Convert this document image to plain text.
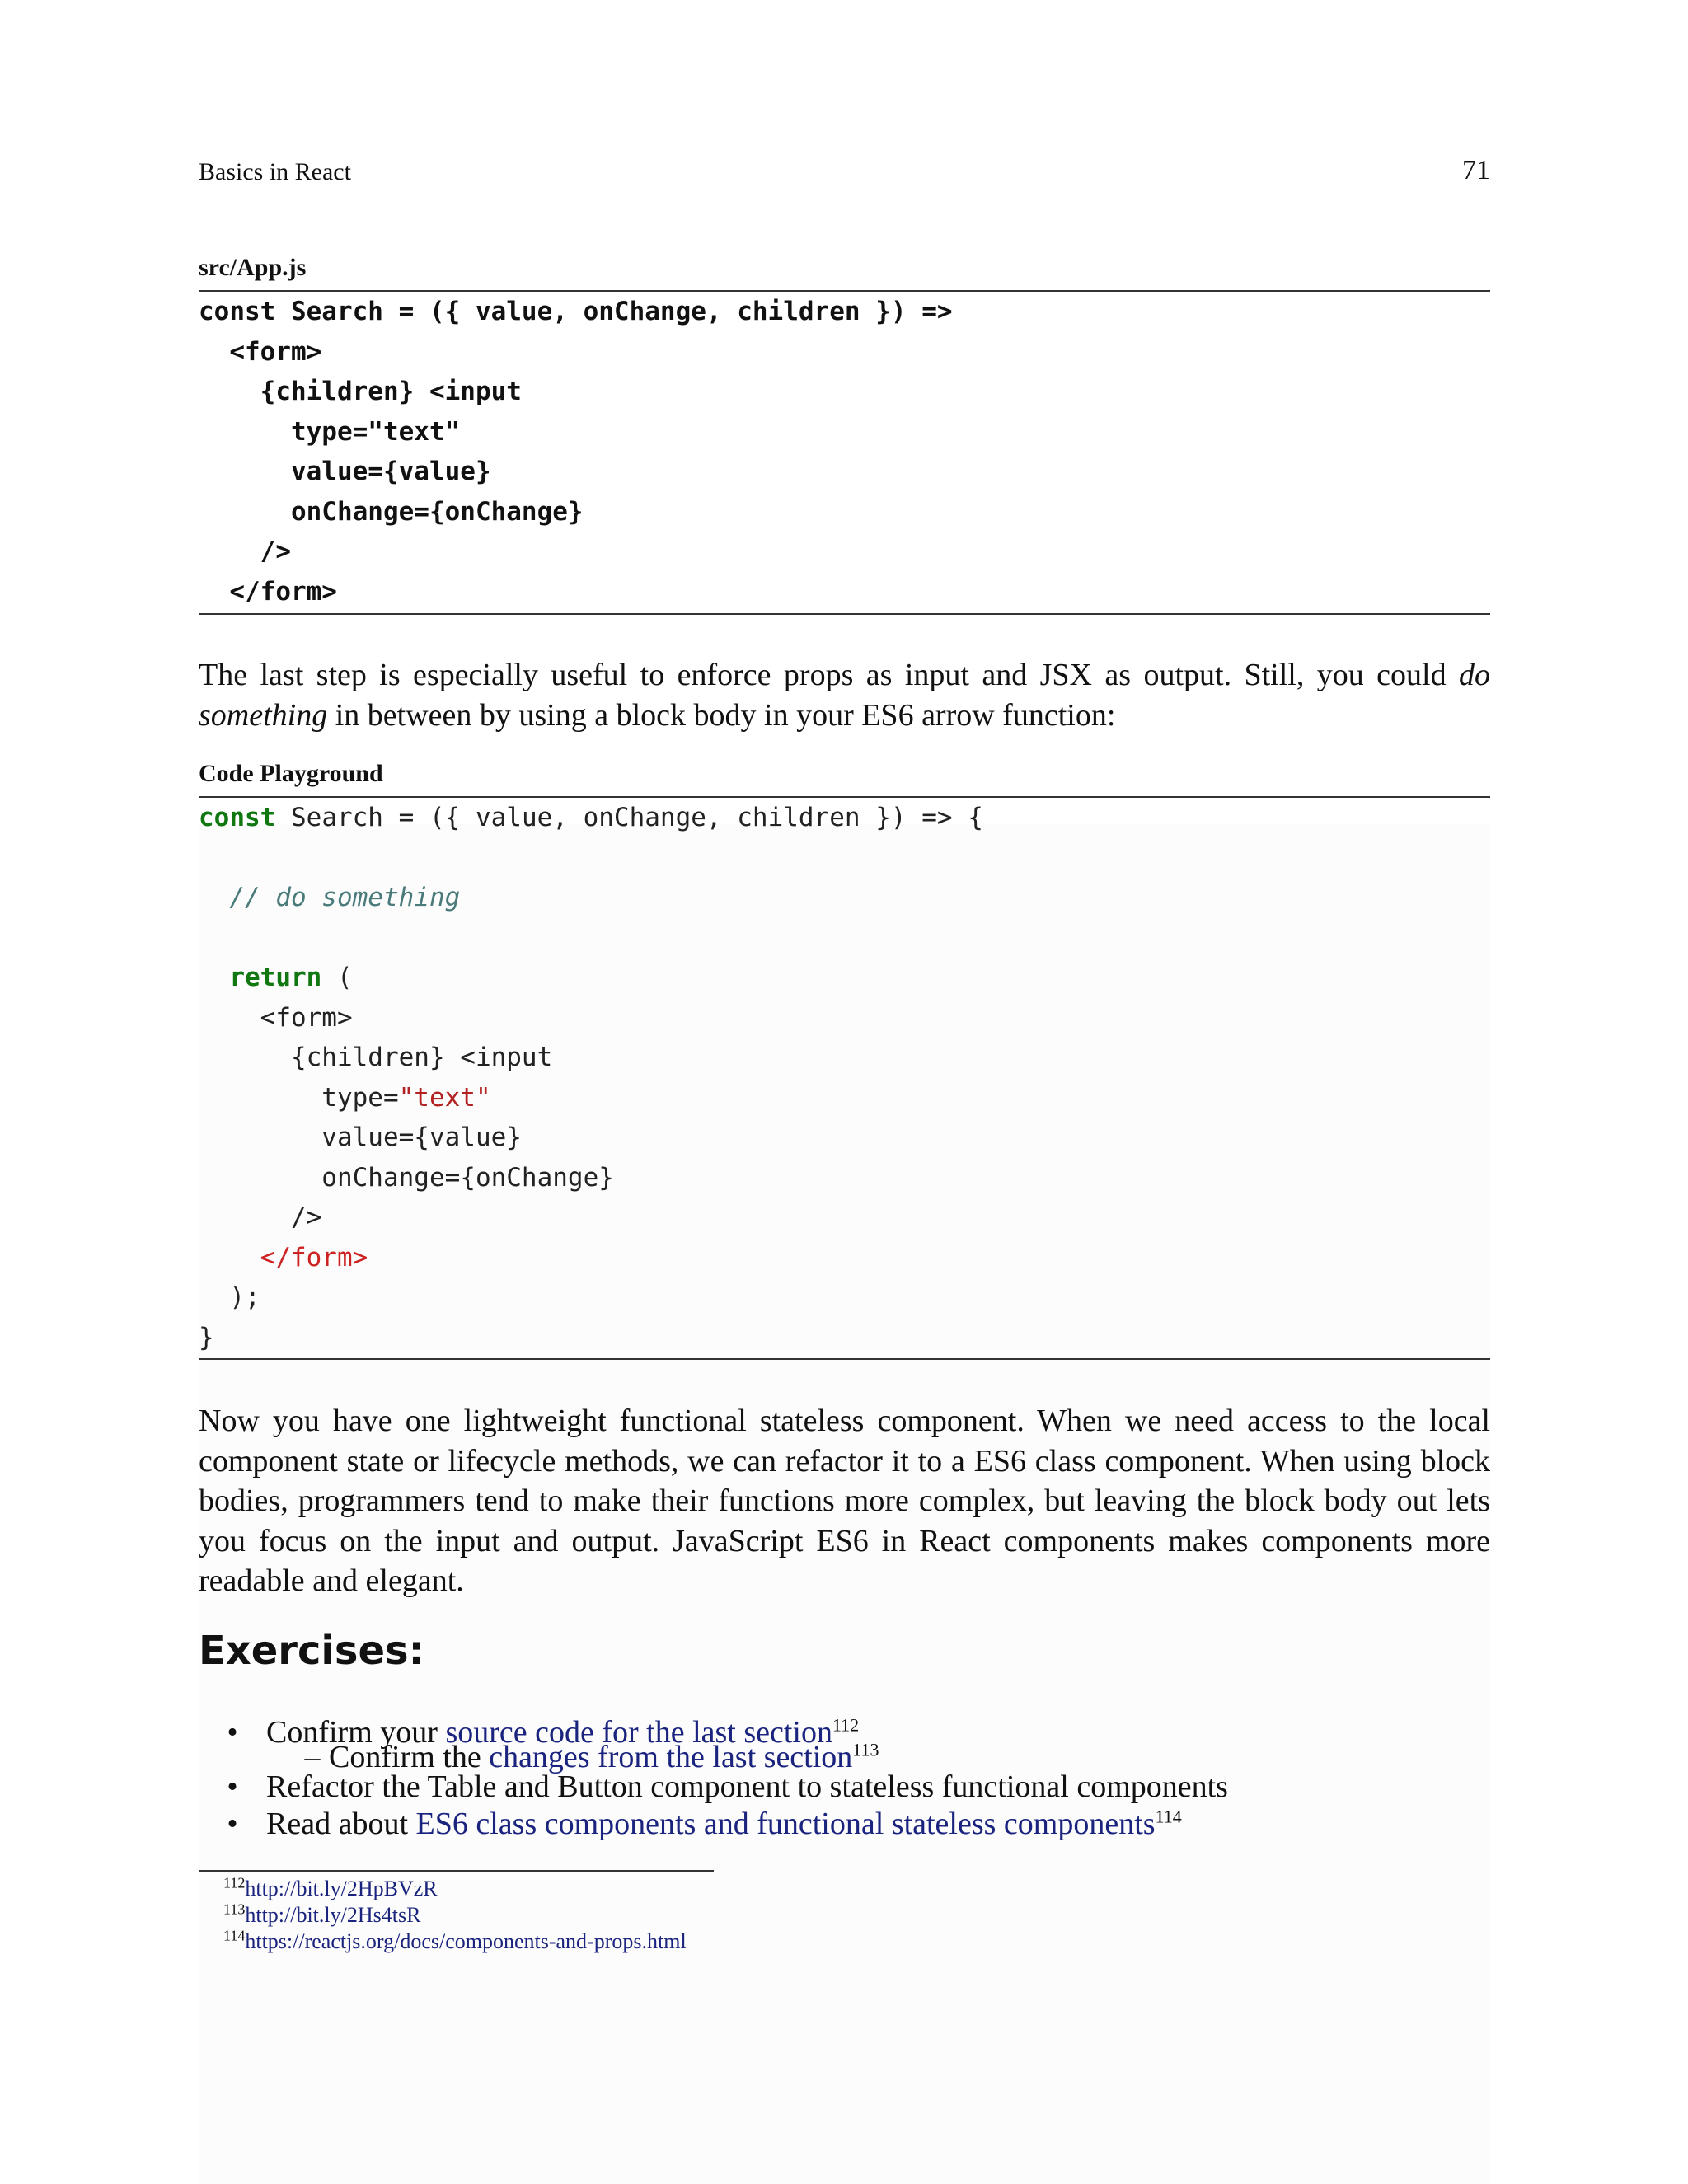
Basics in React	71
src/App.js
const Search = ({ value, onChange, children }) =>
<form>
{children} <input
type="text"
value={value}
onChange={onChange}
/>
</form>
The last step is especially useful to enforce props as input and JSX as output. Still, you could do something in between by using a block body in your ES6 arrow function:
Code Playground
const Search = ({ value, onChange, children }) => {
// do something
return (
<form>
{children} <input
type="text"
value={value}
onChange={onChange}
/>
</form>
);
}
Now you have one lightweight functional stateless component. When we need access to the local component state or lifecycle methods, we can refactor it to a ES6 class component. When using block bodies, programmers tend to make their functions more complex, but leaving the block body out lets you focus on the input and output. JavaScript ES6 in React components makes components more readable and elegant.
Exercises:
• Confirm your source code for the last section$^{112}$
– Confirm the changes from the last section$^{113}$
• Refactor the Table and Button component to stateless functional components
• Read about ES6 class components and functional stateless components$^{114}$
$^{112}$http://bit.ly/2HpBVzR
$^{113}$http://bit.ly/2Hs4tsR
$^{114}$https://reactjs.org/docs/components-and-props.html
